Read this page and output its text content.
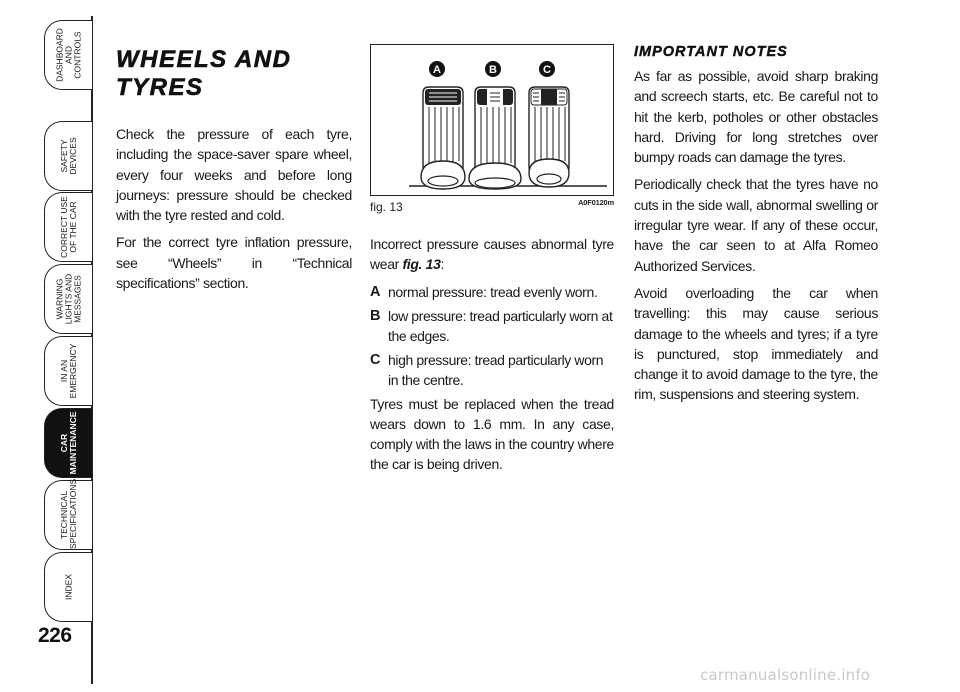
DASHBOARD
AND
CONTROLS
SAFETY
DEVICES
CORRECT USE
OF THE CAR
WARNING
LIGHTS AND
MESSAGES
IN AN
EMERGENCY
CAR
MAINTENANCE
TECHNICAL
SPECIFICATIONS
INDEX
226
WHEELS AND TYRES

Check the pressure of each tyre, including the space-saver spare wheel, every four weeks and before long journeys: pressure should be checked with the tyre rested and cold.

For the correct tyre inflation pressure, see “Wheels” in “Technical specifications” section.

A	B	C
fig. 13	A0F0120m

Incorrect pressure causes abnormal tyre wear fig. 13:

A normal pressure: tread evenly worn.
B low pressure: tread particularly worn at the edges.
C high pressure: tread particularly worn in the centre.

Tyres must be replaced when the tread wears down to 1.6 mm. In any case, comply with the laws in the country where the car is being driven.

IMPORTANT NOTES

As far as possible, avoid sharp braking and screech starts, etc. Be careful not to hit the kerb, potholes or other obstacles hard. Driving for long stretches over bumpy roads can damage the tyres.

Periodically check that the tyres have no cuts in the side wall, abnormal swelling or irregular tyre wear. If any of these occur, have the car seen to at Alfa Romeo Authorized Services.

Avoid overloading the car when travelling: this may cause serious damage to the wheels and tyres; if a tyre is punctured, stop immediately and change it to avoid damage to the tyre, the rim, suspensions and steering system.

carmanualsonline.info
